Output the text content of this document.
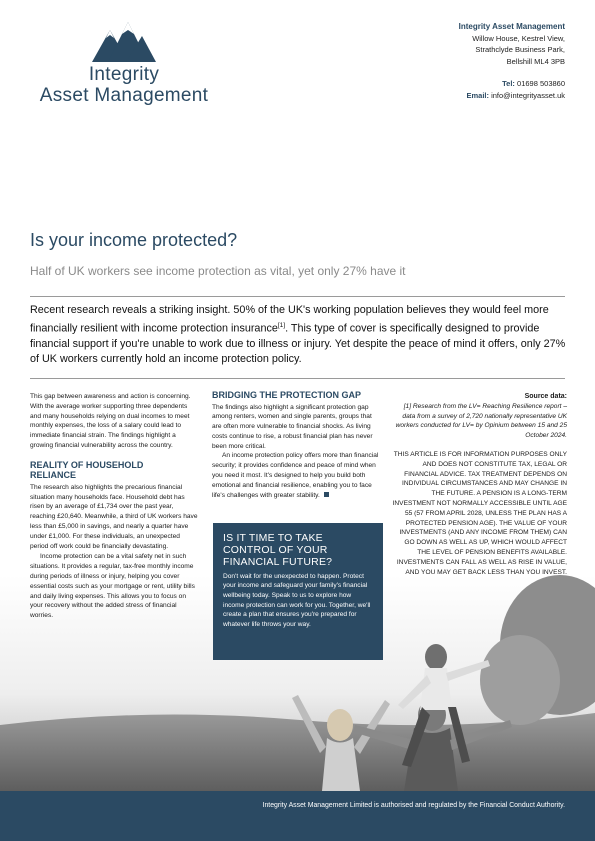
Integrity
Asset Management
Integrity Asset Management
Willow House, Kestrel View,
Strathclyde Business Park,
Bellshill ML4 3PB
Tel: 01698 503860
Email: info@integrityasset.uk
Is your income protected?
Half of UK workers see income protection as vital, yet only 27% have it
Recent research reveals a striking insight. 50% of the UK's working population believes they would feel more financially resilient with income protection insurance[1]. This type of cover is specifically designed to provide financial support if you're unable to work due to illness or injury. Yet despite the peace of mind it offers, only 27% of UK workers currently hold an income protection policy.

This gap between awareness and action is concerning. With the average worker supporting three dependents and many households relying on dual incomes to meet monthly expenses, the loss of a salary could lead to immediate financial strain. The findings highlight a growing financial vulnerability across the country.

REALITY OF HOUSEHOLD RELIANCE

The research also highlights the precarious financial situation many households face. Household debt has risen by an average of £1,734 over the past year, reaching £20,640. Meanwhile, a third of UK workers have less than £5,000 in savings, and nearly a quarter have under £1,000. For these individuals, an unexpected period off work could be financially devastating.

Income protection can be a vital safety net in such situations. It provides a regular, tax-free monthly income during periods of illness or injury, helping you cover essential costs such as your mortgage or rent, utility bills and daily living expenses. This allows you to focus on your recovery without the added stress of financial worries.

BRIDGING THE PROTECTION GAP

The findings also highlight a significant protection gap among renters, women and single parents, groups that are often more vulnerable to financial shocks. As living costs continue to rise, a robust financial plan has never been more critical.

An income protection policy offers more than financial security; it provides confidence and peace of mind when you need it most. It's designed to help you build both emotional and financial resilience, enabling you to face life's challenges with greater stability.

IS IT TIME TO TAKE CONTROL OF YOUR FINANCIAL FUTURE?

Don't wait for the unexpected to happen. Protect your income and safeguard your family's financial wellbeing today. Speak to us to explore how income protection can work for you. Together, we'll create a plan that ensures you're prepared for whatever life throws your way.

Source data:

[1] Research from the LV= Reaching Resilience report – data from a survey of 2,720 nationally representative UK workers conducted for LV= by Opinium between 15 and 25 October 2024.

THIS ARTICLE IS FOR INFORMATION PURPOSES ONLY AND DOES NOT CONSTITUTE TAX, LEGAL OR FINANCIAL ADVICE. TAX TREATMENT DEPENDS ON INDIVIDUAL CIRCUMSTANCES AND MAY CHANGE IN THE FUTURE. A PENSION IS A LONG-TERM INVESTMENT NOT NORMALLY ACCESSIBLE UNTIL AGE 55 (57 FROM APRIL 2028, UNLESS THE PLAN HAS A PROTECTED PENSION AGE). THE VALUE OF YOUR INVESTMENTS (AND ANY INCOME FROM THEM) CAN GO DOWN AS WELL AS UP, WHICH WOULD AFFECT THE LEVEL OF PENSION BENEFITS AVAILABLE. INVESTMENTS CAN FALL AS WELL AS RISE IN VALUE, AND YOU MAY GET BACK LESS THAN YOU INVEST.

Integrity Asset Management Limited is authorised and regulated by the Financial Conduct Authority.
